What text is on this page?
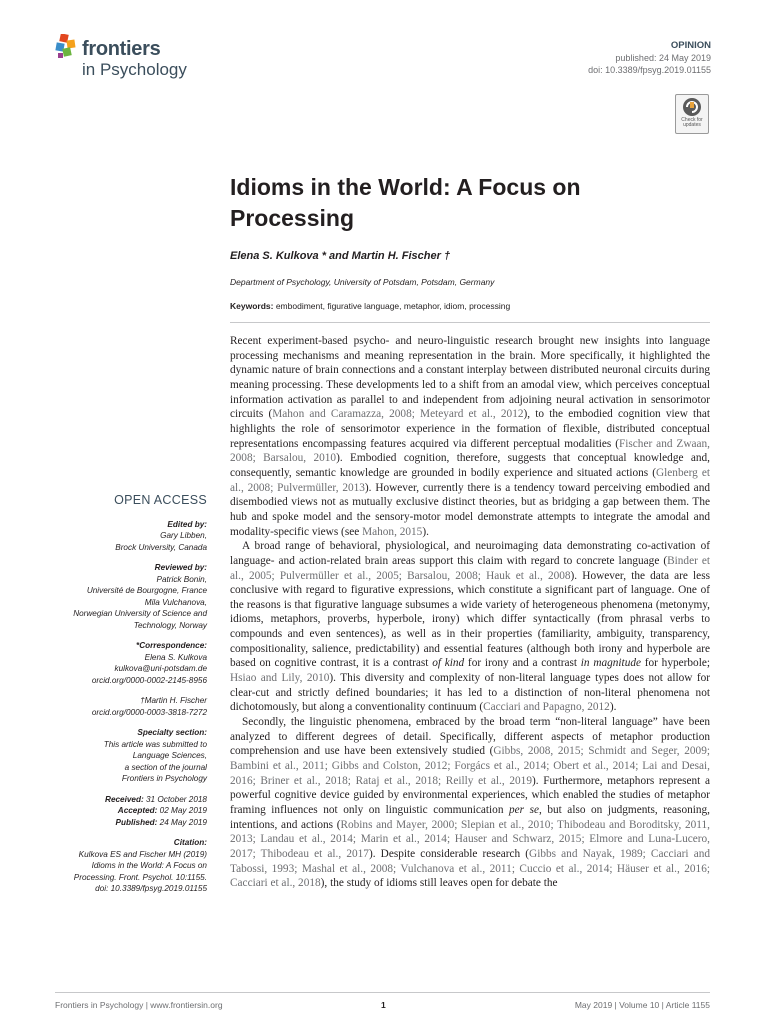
frontiers
in Psychology
OPINION
published: 24 May 2019
doi: 10.3389/fpsyg.2019.01155
Check for
updates
Idioms in the World: A Focus on Processing
Elena S. Kulkova * and Martin H. Fischer †
Department of Psychology, University of Potsdam, Potsdam, Germany
Keywords: embodiment, figurative language, metaphor, idiom, processing
OPEN ACCESS
Edited by:
Gary Libben,
Brock University, Canada
Reviewed by:
Patrick Bonin,
Université de Bourgogne, France
Mila Vulchanova,
Norwegian University of Science and
Technology, Norway
*Correspondence:
Elena S. Kulkova
kulkova@uni-potsdam.de
orcid.org/0000-0002-2145-8956
†Martin H. Fischer
orcid.org/0000-0003-3818-7272
Specialty section:
This article was submitted to
Language Sciences,
a section of the journal
Frontiers in Psychology
Received: 31 October 2018
Accepted: 02 May 2019
Published: 24 May 2019
Citation:
Kulkova ES and Fischer MH (2019)
Idioms in the World: A Focus on
Processing. Front. Psychol. 10:1155.
doi: 10.3389/fpsyg.2019.01155

Recent experiment-based psycho- and neuro-linguistic research brought new insights into language processing mechanisms and meaning representation in the brain. More specifically, it highlighted the dynamic nature of brain connections and a constant interplay between distributed neuronal circuits during meaning processing. These developments led to a shift from an amodal view, which perceives conceptual information activation as parallel to and independent from adjoining neural activation in sensorimotor circuits (Mahon and Caramazza, 2008; Meteyard et al., 2012), to the embodied cognition view that highlights the role of sensorimotor experience in the formation of flexible, distributed conceptual representations encompassing features acquired via different perceptual modalities (Fischer and Zwaan, 2008; Barsalou, 2010). Embodied cognition, therefore, suggests that conceptual knowledge and, consequently, semantic knowledge are grounded in bodily experience and situated actions (Glenberg et al., 2008; Pulvermüller, 2013). However, currently there is a tendency toward perceiving embodied and disembodied views not as mutually exclusive distinct theories, but as bridging a gap between them. The hub and spoke model and the sensory-motor model demonstrate attempts to integrate the amodal and modality-specific views (see Mahon, 2015).

A broad range of behavioral, physiological, and neuroimaging data demonstrating co-activation of language- and action-related brain areas support this claim with regard to concrete language (Binder et al., 2005; Pulvermüller et al., 2005; Barsalou, 2008; Hauk et al., 2008). However, the data are less conclusive with regard to figurative expressions, which constitute a significant part of language. One of the reasons is that figurative language subsumes a wide variety of heterogeneous phenomena (metonymy, idioms, metaphors, proverbs, hyperbole, irony) which differ syntactically (from phrasal verbs to compounds and even sentences), as well as in their properties (familiarity, ambiguity, transparency, compositionality, salience, predictability) and essential features (although both irony and hyperbole are based on cognitive contrast, it is a contrast of kind for irony and a contrast in magnitude for hyperbole; Hsiao and Lily, 2010). This diversity and complexity of non-literal language types does not allow for clear-cut and strictly defined boundaries; it has led to a distinction of non-literal phenomena not dichotomously, but along a conventionality continuum (Cacciari and Papagno, 2012).

Secondly, the linguistic phenomena, embraced by the broad term “non-literal language” have been analyzed to different degrees of detail. Specifically, different aspects of metaphor production comprehension and use have been extensively studied (Gibbs, 2008, 2015; Schmidt and Seger, 2009; Bambini et al., 2011; Gibbs and Colston, 2012; Forgács et al., 2014; Obert et al., 2014; Lai and Desai, 2016; Briner et al., 2018; Rataj et al., 2018; Reilly et al., 2019). Furthermore, metaphors represent a powerful cognitive device guided by environmental experiences, which enabled the studies of metaphor framing influences not only on linguistic communication per se, but also on judgments, reasoning, intentions, and actions (Robins and Mayer, 2000; Slepian et al., 2010; Thibodeau and Boroditsky, 2011, 2013; Landau et al., 2014; Marin et al., 2014; Hauser and Schwarz, 2015; Elmore and Luna-Lucero, 2017; Thibodeau et al., 2017). Despite considerable research (Gibbs and Nayak, 1989; Cacciari and Tabossi, 1993; Mashal et al., 2008; Vulchanova et al., 2011; Cuccio et al., 2014; Häuser et al., 2016; Cacciari et al., 2018), the study of idioms still leaves open for debate the

Frontiers in Psychology | www.frontiersin.org	1	May 2019 | Volume 10 | Article 1155
